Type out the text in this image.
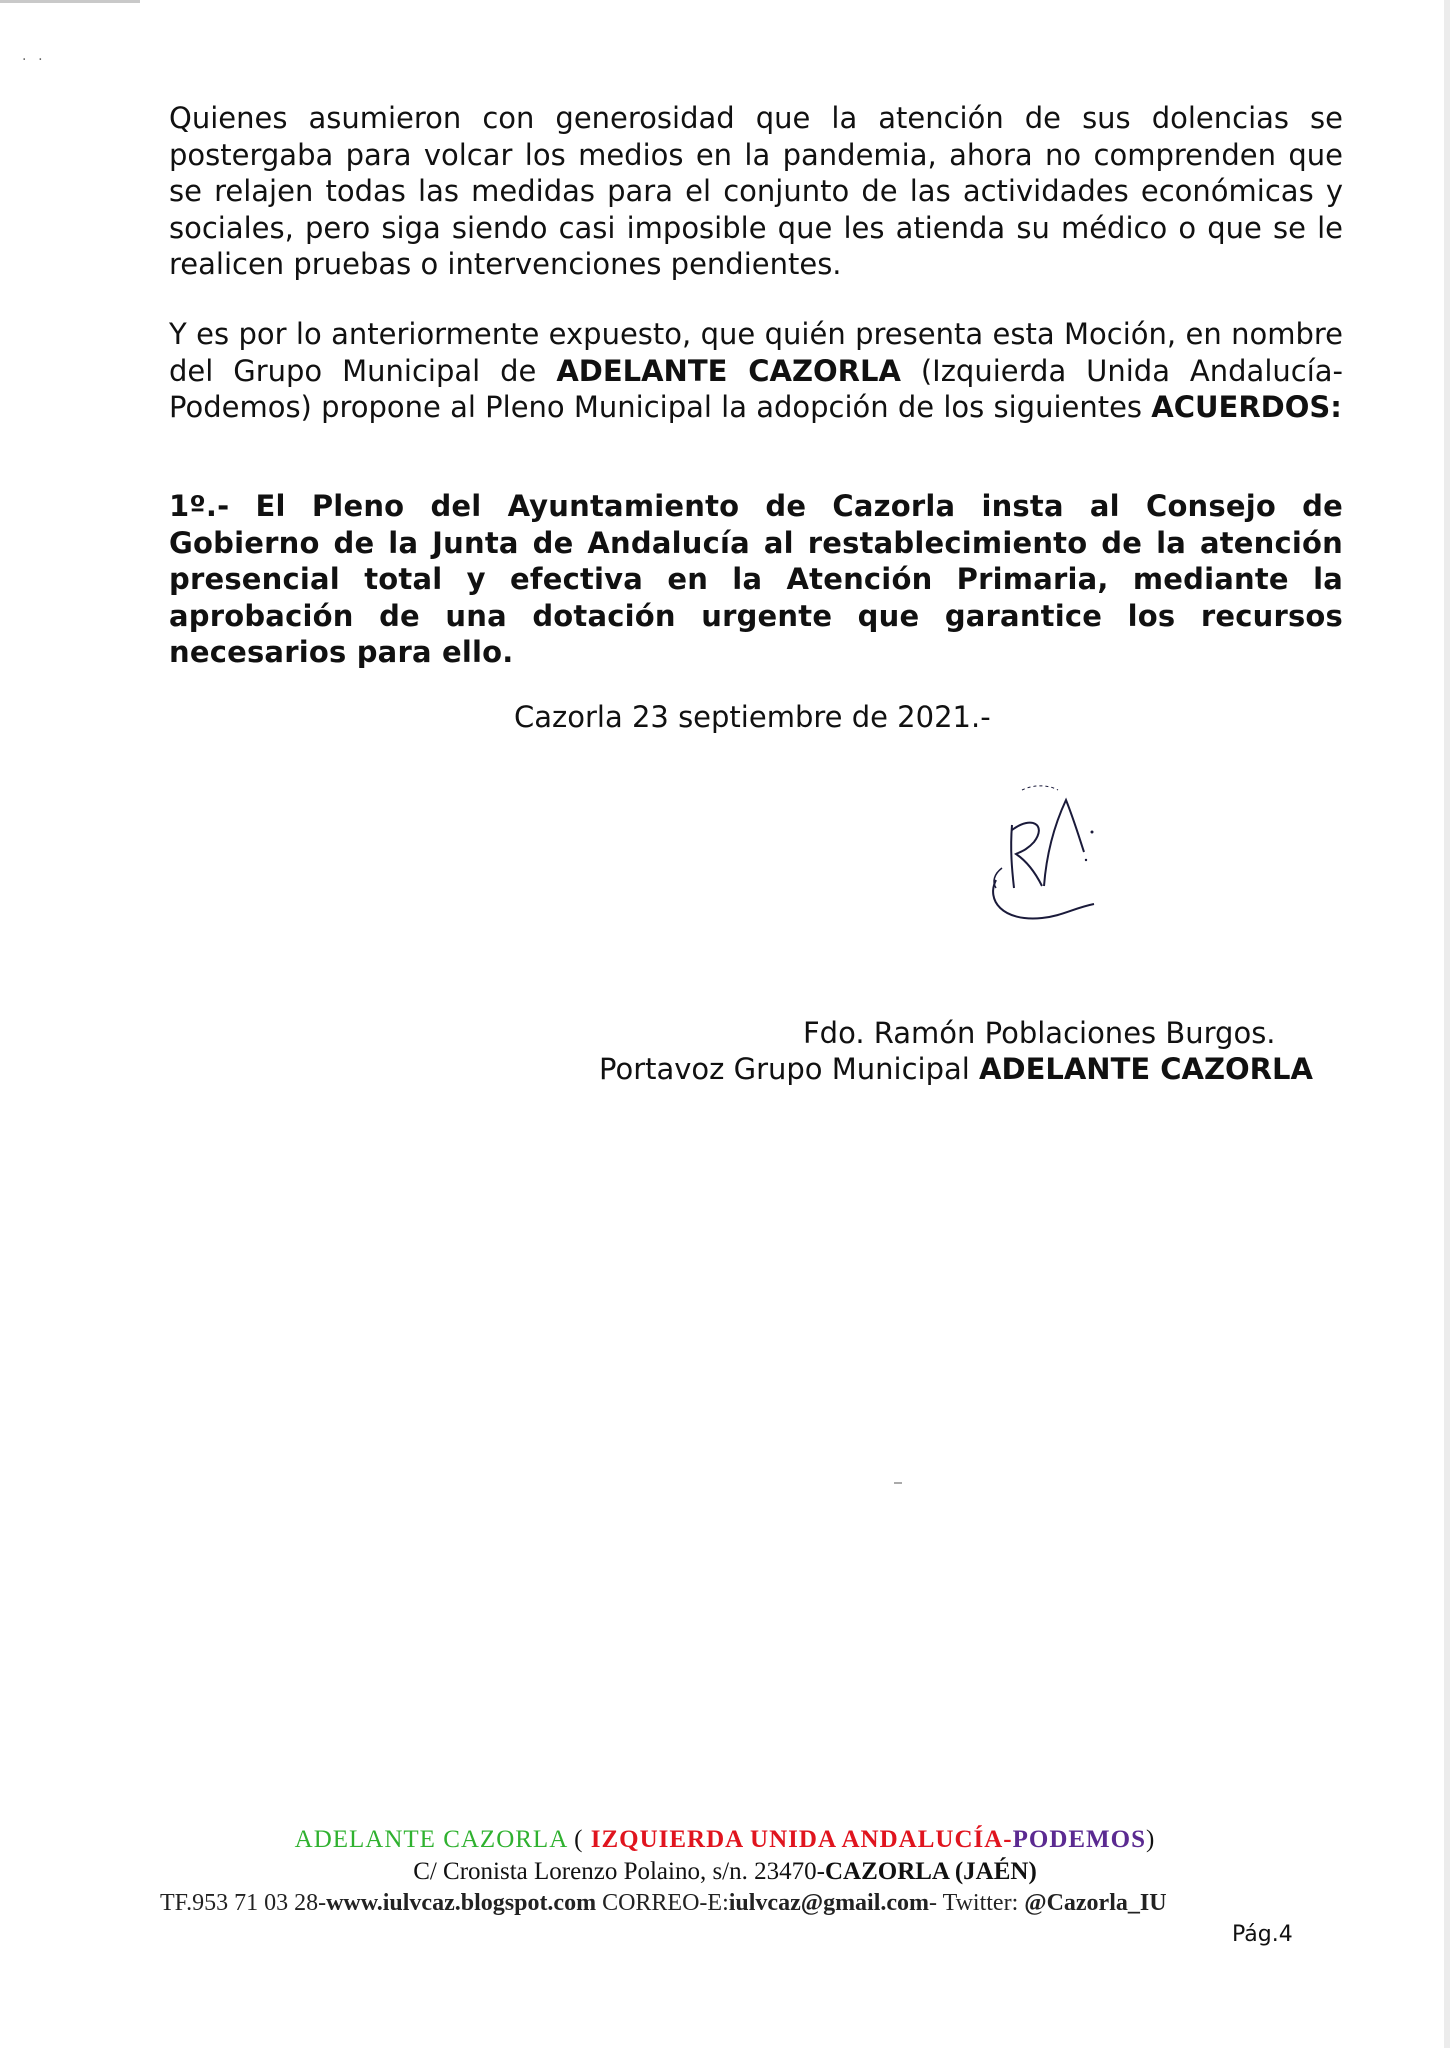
·   ·

Quienes asumieron con generosidad que la atención de sus dolencias se postergaba para volcar los medios en la pandemia, ahora no comprenden que se relajen todas las medidas para el conjunto de las actividades económicas y sociales, pero siga siendo casi imposible que les atienda su médico o que se le realicen pruebas o intervenciones pendientes.

Y es por lo anteriormente expuesto, que quién presenta esta Moción, en nombre del Grupo Municipal de ADELANTE CAZORLA (Izquierda Unida Andalucía-Podemos) propone al Pleno Municipal la adopción de los siguientes ACUERDOS:

1º.- El Pleno del Ayuntamiento de Cazorla insta al Consejo de Gobierno de la Junta de Andalucía al restablecimiento de la atención presencial total y efectiva en la Atención Primaria, mediante la aprobación de una dotación urgente que garantice los recursos necesarios para ello.

Cazorla 23 septiembre de 2021.-

Fdo. Ramón Poblaciones Burgos.

Portavoz Grupo Municipal ADELANTE CAZORLA

ADELANTE CAZORLA ( IZQUIERDA UNIDA ANDALUCÍA-PODEMOS)

C/ Cronista Lorenzo Polaino, s/n. 23470-CAZORLA (JAÉN)

TF.953 71 03 28-www.iulvcaz.blogspot.com CORREO-E:iulvcaz@gmail.com- Twitter: @Cazorla_IU

Pág.4
